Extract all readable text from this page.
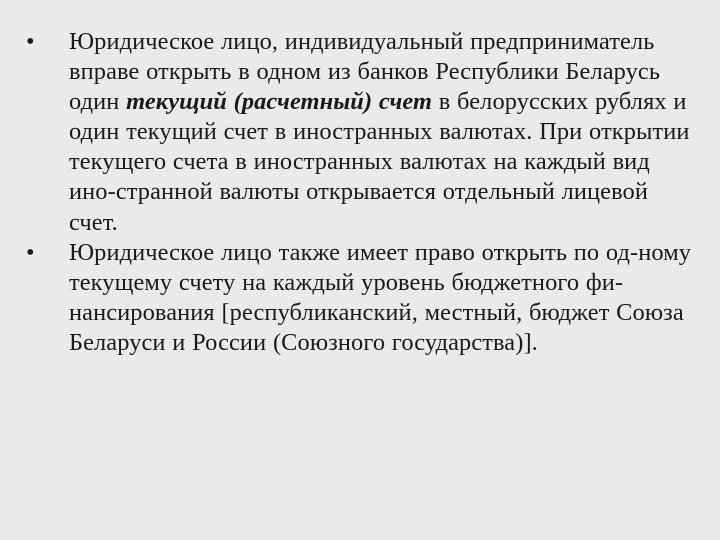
•	Юридическое лицо, индивидуальный предприниматель вправе открыть в одном из банков Республики Беларусь один текущий (расчетный) счет в белорусских рублях и один текущий счет в иностранных валютах. При открытии текущего счета в иностранных валютах на каждый вид ино-странной валюты открывается отдельный лицевой счет.
•	Юридическое лицо также имеет право открыть по од-ному текущему счету на каждый уровень бюджетного фи-нансирования [республиканский, местный, бюджет Союза Беларуси и России (Союзного государства)].
